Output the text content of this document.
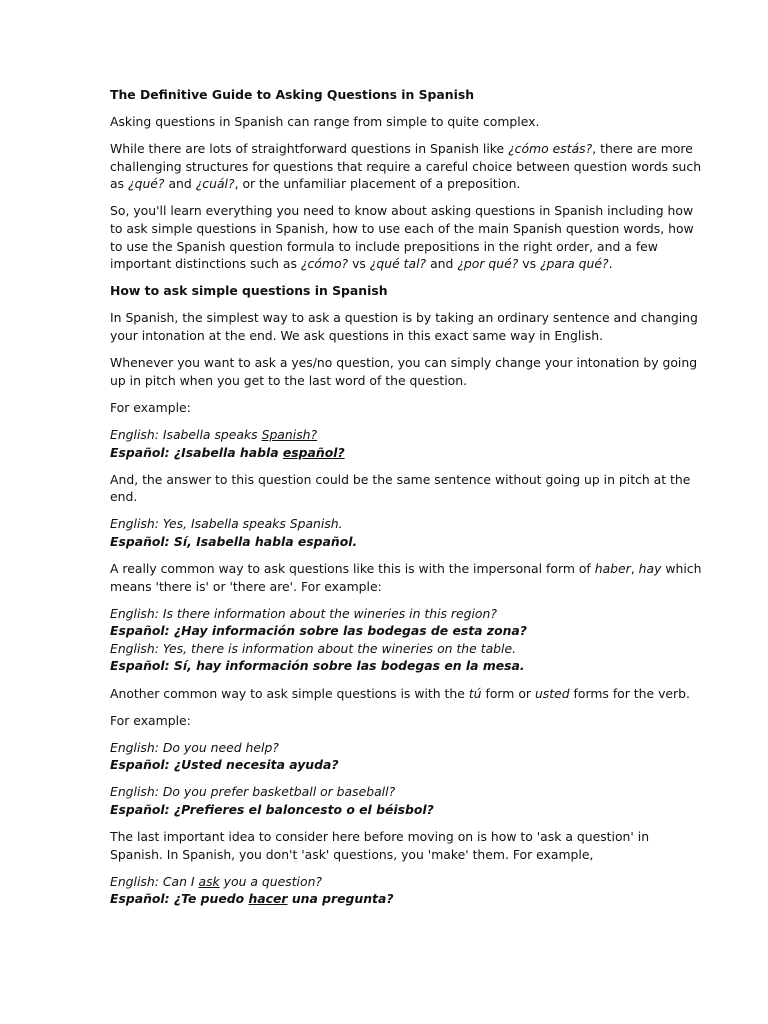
The Definitive Guide to Asking Questions in Spanish

Asking questions in Spanish can range from simple to quite complex.

While there are lots of straightforward questions in Spanish like ¿cómo estás?, there are more
challenging structures for questions that require a careful choice between question words such
as ¿qué? and ¿cuál?, or the unfamiliar placement of a preposition.

So, you'll learn everything you need to know about asking questions in Spanish including how
to ask simple questions in Spanish, how to use each of the main Spanish question words, how
to use the Spanish question formula to include prepositions in the right order, and a few
important distinctions such as ¿cómo? vs ¿qué tal? and ¿por qué? vs ¿para qué?.

How to ask simple questions in Spanish

In Spanish, the simplest way to ask a question is by taking an ordinary sentence and changing
your intonation at the end. We ask questions in this exact same way in English.

Whenever you want to ask a yes/no question, you can simply change your intonation by going
up in pitch when you get to the last word of the question.

For example:

English: Isabella speaks Spanish?
Español: ¿Isabella habla español?

And, the answer to this question could be the same sentence without going up in pitch at the
end.

English: Yes, Isabella speaks Spanish.
Español: Sí, Isabella habla español.

A really common way to ask questions like this is with the impersonal form of haber, hay which
means 'there is' or 'there are'. For example:

English: Is there information about the wineries in this region?
Español: ¿Hay información sobre las bodegas de esta zona?
English: Yes, there is information about the wineries on the table.
Español: Sí, hay información sobre las bodegas en la mesa.

Another common way to ask simple questions is with the tú form or usted forms for the verb.

For example:

English: Do you need help?
Español: ¿Usted necesita ayuda?

English: Do you prefer basketball or baseball?
Español: ¿Prefieres el baloncesto o el béisbol?

The last important idea to consider here before moving on is how to 'ask a question' in
Spanish. In Spanish, you don't 'ask' questions, you 'make' them. For example,

English: Can I ask you a question?
Español: ¿Te puedo hacer una pregunta?
